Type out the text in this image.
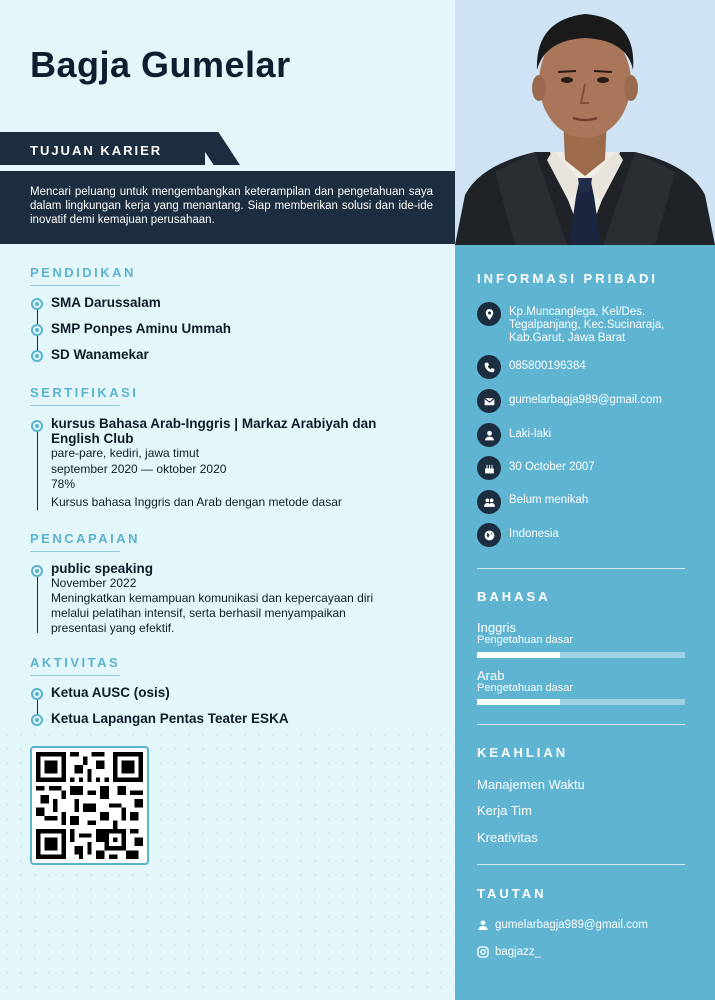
Bagja Gumelar
TUJUAN KARIER
Mencari peluang untuk mengembangkan keterampilan dan pengetahuan saya dalam lingkungan kerja yang menantang. Siap memberikan solusi dan ide-ide inovatif demi kemajuan perusahaan.
PENDIDIKAN
SMA Darussalam
SMP Ponpes Aminu Ummah
SD Wanamekar
SERTIFIKASI
kursus Bahasa Arab-Inggris | Markaz Arabiyah dan
English Club
pare-pare, kediri, jawa timut
september 2020 — oktober 2020
78%
Kursus bahasa Inggris dan Arab dengan metode dasar
PENCAPAIAN
public speaking
November 2022
Meningkatkan kemampuan komunikasi dan kepercayaan diri
melalui pelatihan intensif, serta berhasil menyampaikan
presentasi yang efektif.
AKTIVITAS
Ketua AUSC (osis)
Ketua Lapangan Pentas Teater ESKA
INFORMASI PRIBADI
Kp.Muncanglega, Kel/Des.
Tegalpanjang, Kec.Sucinaraja,
Kab.Garut, Jawa Barat
085800196384
gumelarbagja989@gmail.com
Laki-laki
30 October 2007
Belum menikah
Indonesia
BAHASA
Inggris
Pengetahuan dasar
Arab
Pengetahuan dasar
KEAHLIAN
Manajemen Waktu
Kerja Tim
Kreativitas
TAUTAN
gumelarbagja989@gmail.com
bagjazz_
